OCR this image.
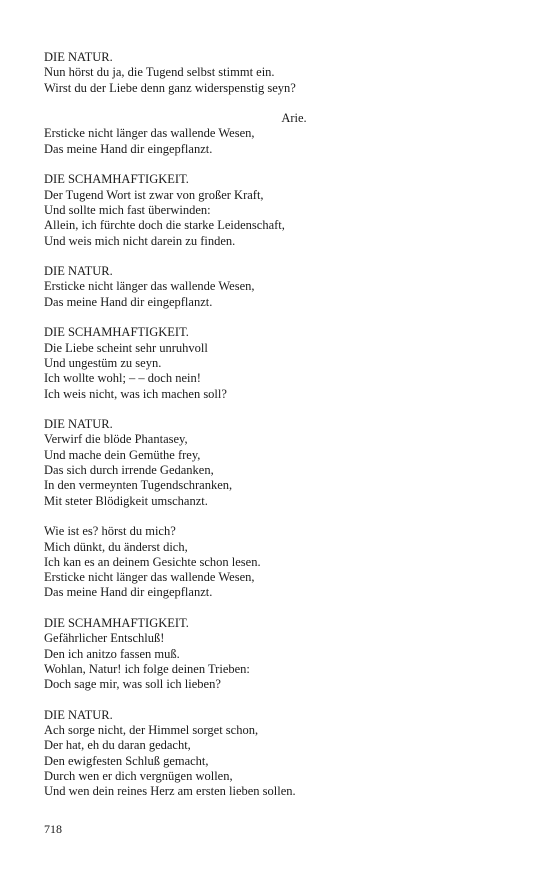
DIE NATUR.
Nun hörst du ja, die Tugend selbst stimmt ein.
Wirst du der Liebe denn ganz widerspenstig seyn?
Arie.
Ersticke nicht länger das wallende Wesen,
Das meine Hand dir eingepflanzt.
DIE SCHAMHAFTIGKEIT.
Der Tugend Wort ist zwar von großer Kraft,
Und sollte mich fast überwinden:
Allein, ich fürchte doch die starke Leidenschaft,
Und weis mich nicht darein zu finden.
DIE NATUR.
Ersticke nicht länger das wallende Wesen,
Das meine Hand dir eingepflanzt.
DIE SCHAMHAFTIGKEIT.
Die Liebe scheint sehr unruhvoll
Und ungestüm zu seyn.
Ich wollte wohl; – – doch nein!
Ich weis nicht, was ich machen soll?
DIE NATUR.
Verwirf die blöde Phantasey,
Und mache dein Gemüthe frey,
Das sich durch irrende Gedanken,
In den vermeynten Tugendschranken,
Mit steter Blödigkeit umschanzt.
Wie ist es? hörst du mich?
Mich dünkt, du änderst dich,
Ich kan es an deinem Gesichte schon lesen.
Ersticke nicht länger das wallende Wesen,
Das meine Hand dir eingepflanzt.
DIE SCHAMHAFTIGKEIT.
Gefährlicher Entschluß!
Den ich anitzo fassen muß.
Wohlan, Natur! ich folge deinen Trieben:
Doch sage mir, was soll ich lieben?
DIE NATUR.
Ach sorge nicht, der Himmel sorget schon,
Der hat, eh du daran gedacht,
Den ewigfesten Schluß gemacht,
Durch wen er dich vergnügen wollen,
Und wen dein reines Herz am ersten lieben sollen.
718
